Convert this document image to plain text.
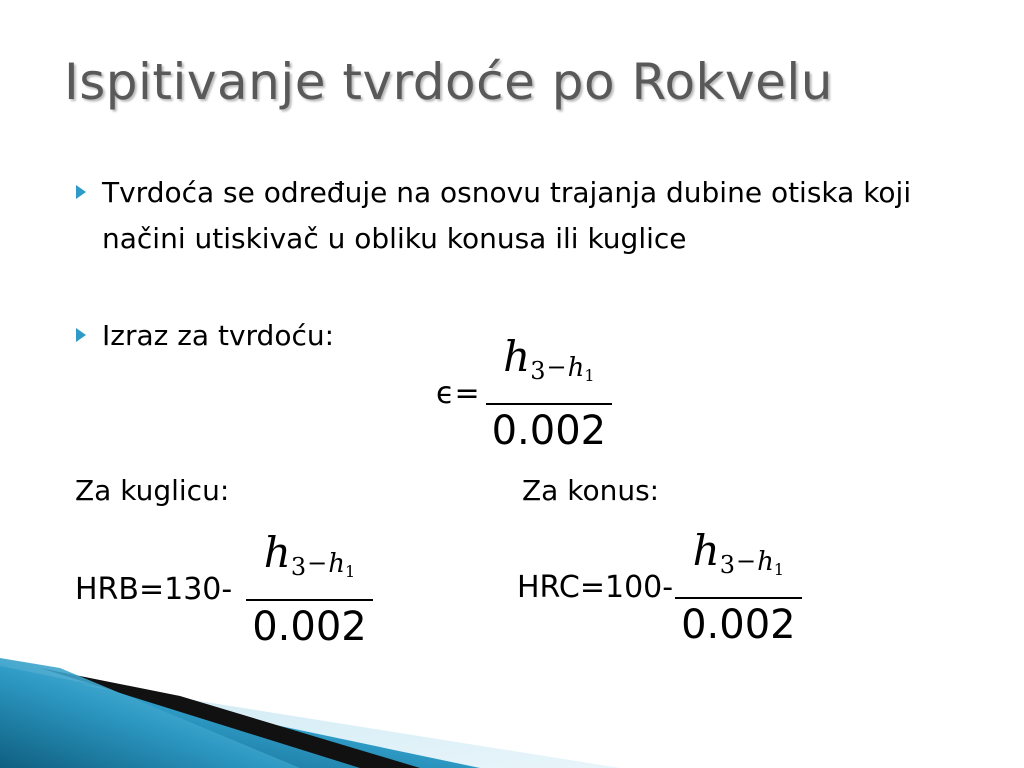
Ispitivanje tvrdoće po Rokvelu
Tvrdoća se određuje na osnovu trajanja dubine otiska koji načini utiskivač u obliku konusa ili kuglice
Izraz za tvrdoću:
$\epsilon= \frac{h_3-h1}{0.002}$
Za kuglicu:	Za konus:
$HRB=130- \frac{h_3-h1}{0.002}$	$HRC=100- \frac{h_3-h1}{0.002}$
